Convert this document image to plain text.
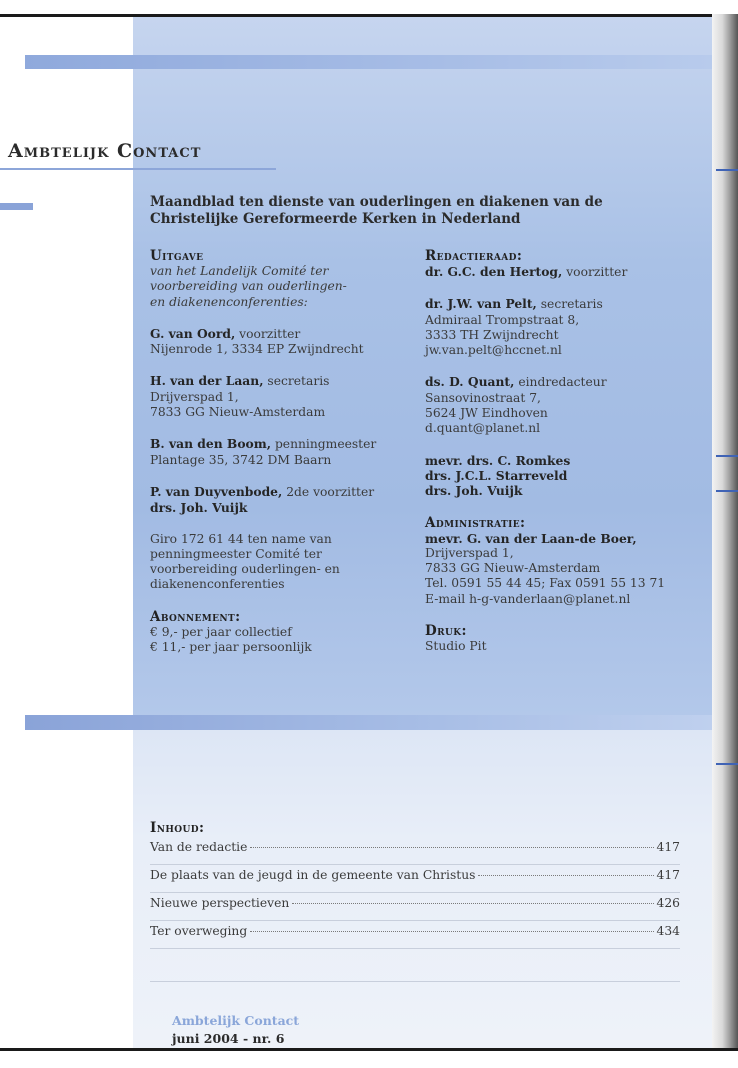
Ambtelijk Contact

Maandblad ten dienste van ouderlingen en diakenen van de Christelijke Gereformeerde Kerken in Nederland

Uitgave

van het Landelijk Comité ter

voorbereiding van ouderlingen-

en diakenenconferenties:

G. van Oord, voorzitter

Nijenrode 1, 3334 EP Zwijndrecht

H. van der Laan, secretaris

Drijverspad 1,

7833 GG Nieuw-Amsterdam

B. van den Boom, penningmeester

Plantage 35, 3742 DM Baarn

P. van Duyvenbode, 2de voorzitter

drs. Joh. Vuijk

Giro 172 61 44 ten name van

penningmeester Comité ter

voorbereiding ouderlingen- en

diakenenconferenties

Abonnement:

€ 9,- per jaar collectief

€ 11,- per jaar persoonlijk

Redactieraad:

dr. G.C. den Hertog, voorzitter

dr. J.W. van Pelt, secretaris

Admiraal Trompstraat 8,

3333 TH Zwijndrecht

jw.van.pelt@hccnet.nl

ds. D. Quant, eindredacteur

Sansovinostraat 7,

5624 JW Eindhoven

d.quant@planet.nl

mevr. drs. C. Romkes

drs. J.C.L. Starreveld

drs. Joh. Vuijk

Administratie:

mevr. G. van der Laan-de Boer,

Drijverspad 1,

7833 GG Nieuw-Amsterdam

Tel. 0591 55 44 45; Fax 0591 55 13 71

E-mail h-g-vanderlaan@planet.nl

Druk:

Studio Pit

Inhoud:
Van de redactie	417
De plaats van de jeugd in de gemeente van Christus	417
Nieuwe perspectieven	426
Ter overweging	434
Ambtelijk Contact
juni 2004 - nr. 6
